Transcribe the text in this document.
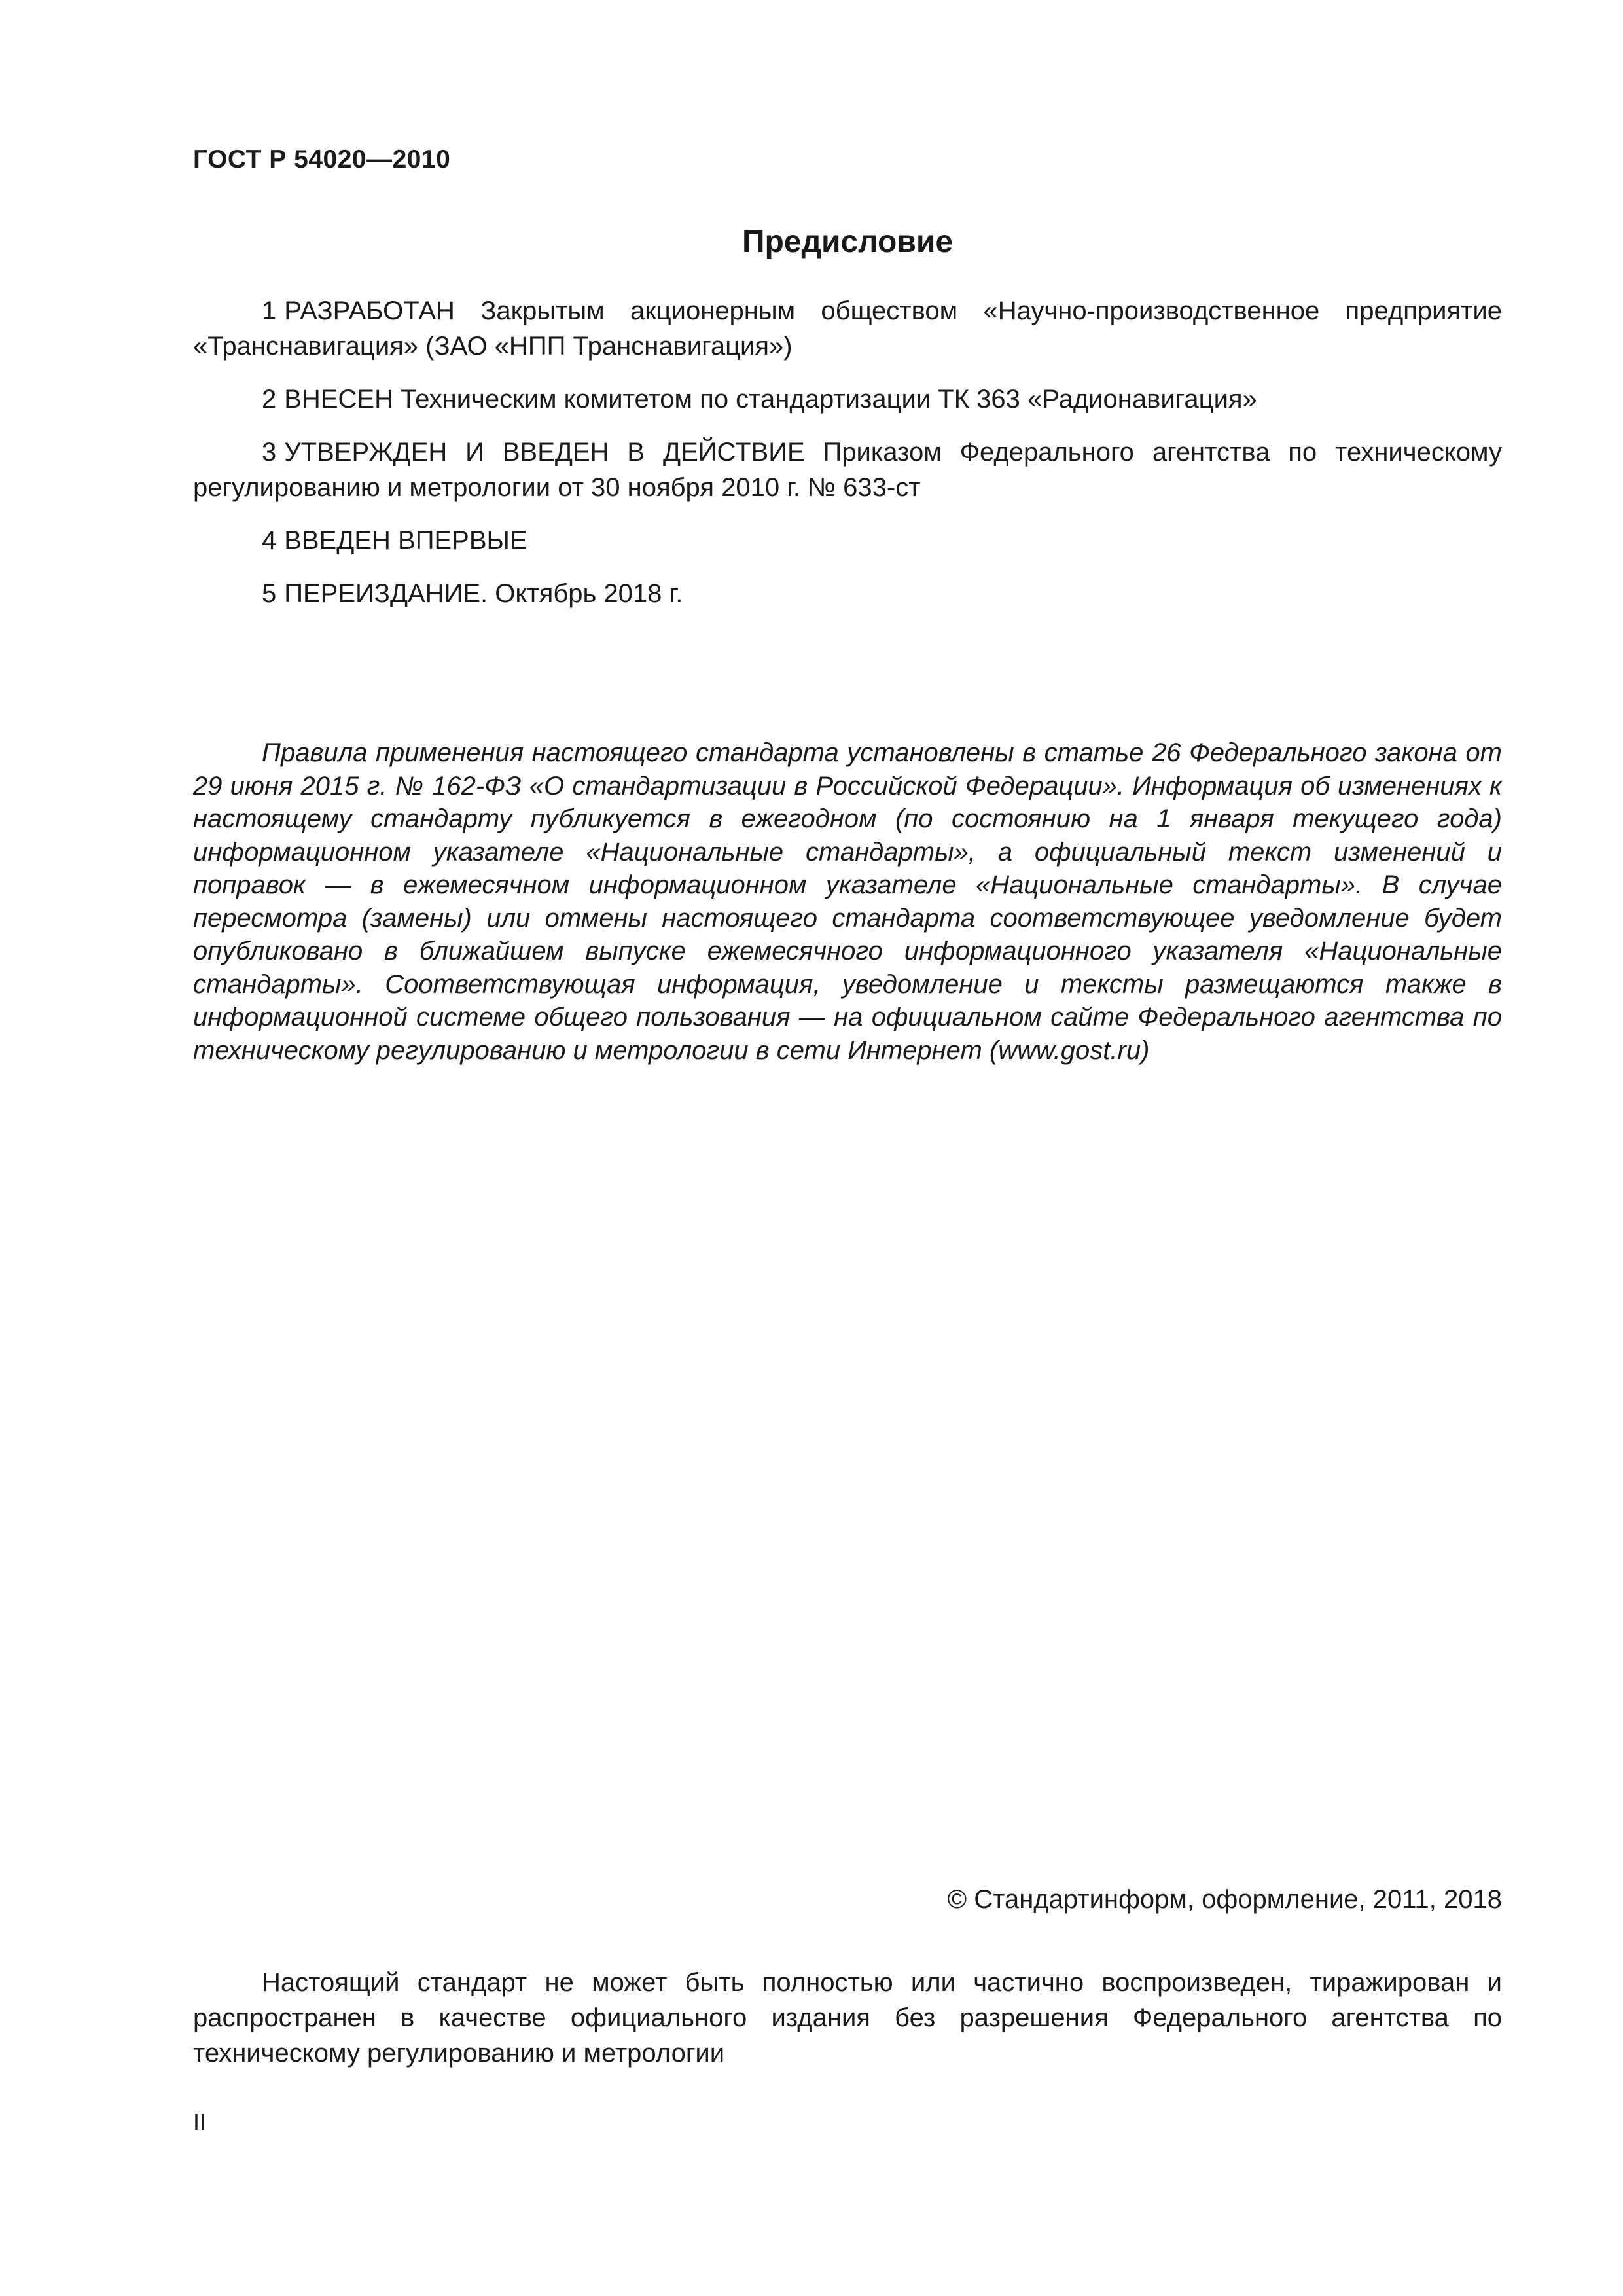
ГОСТ Р 54020—2010
Предисловие

1 РАЗРАБОТАН Закрытым акционерным обществом «Научно-производственное предприятие «Транснавигация» (ЗАО «НПП Транснавигация»)

2 ВНЕСЕН Техническим комитетом по стандартизации ТК 363 «Радионавигация»

3 УТВЕРЖДЕН И ВВЕДЕН В ДЕЙСТВИЕ Приказом Федерального агентства по техническому регулированию и метрологии от 30 ноября 2010 г. № 633-ст

4 ВВЕДЕН ВПЕРВЫЕ

5 ПЕРЕИЗДАНИЕ. Октябрь 2018 г.

Правила применения настоящего стандарта установлены в статье 26 Федерального закона от 29 июня 2015 г. № 162-ФЗ «О стандартизации в Российской Федерации». Информация об изменениях к настоящему стандарту публикуется в ежегодном (по состоянию на 1 января текущего года) информационном указателе «Национальные стандарты», а официальный текст изменений и поправок — в ежемесячном информационном указателе «Национальные стандарты». В случае пересмотра (замены) или отмены настоящего стандарта соответствующее уведомление будет опубликовано в ближайшем выпуске ежемесячного информационного указателя «Национальные стандарты». Соответствующая информация, уведомление и тексты размещаются также в информационной системе общего пользования — на официальном сайте Федерального агентства по техническому регулированию и метрологии в сети Интернет (www.gost.ru)

© Стандартинформ, оформление, 2011, 2018

Настоящий стандарт не может быть полностью или частично воспроизведен, тиражирован и распространен в качестве официального издания без разрешения Федерального агентства по техническому регулированию и метрологии

II
